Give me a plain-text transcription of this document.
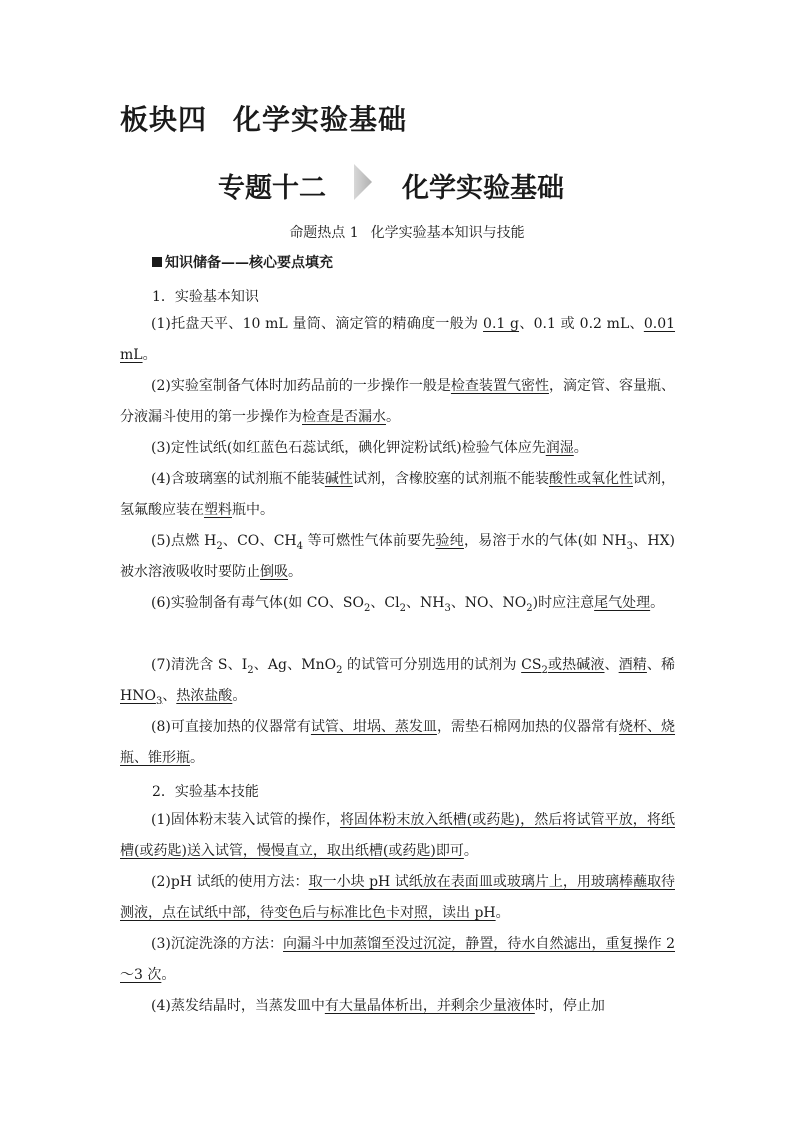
板块四 化学实验基础
专题十二	化学实验基础
命题热点 1 化学实验基本知识与技能
知识储备——核心要点填充
1．实验基本知识
(1)托盘天平、10 mL 量筒、滴定管的精确度一般为 0.1 g、0.1 或 0.2 mL、0.01 mL。
(2)实验室制备气体时加药品前的一步操作一般是检查装置气密性，滴定管、容量瓶、分液漏斗使用的第一步操作为检查是否漏水。
(3)定性试纸(如红蓝色石蕊试纸，碘化钾淀粉试纸)检验气体应先润湿。
(4)含玻璃塞的试剂瓶不能装碱性试剂，含橡胶塞的试剂瓶不能装酸性或氧化性试剂，氢氟酸应装在塑料瓶中。
(5)点燃 $H_2$、CO、$CH_4$ 等可燃性气体前要先验纯，易溶于水的气体(如 $NH_3$、HX)被水溶液吸收时要防止倒吸。
(6)实验制备有毒气体(如 CO、$SO_2$、$Cl_2$、$NH_3$、NO、$NO_2$)时应注意尾气处理。
(7)清洗含 S、$I_2$、Ag、MnO$_2$ 的试管可分别选用的试剂为 $CS_2$或热碱液、酒精、稀 $HNO_3$、热浓盐酸。
(8)可直接加热的仪器常有试管、坩埚、蒸发皿，需垫石棉网加热的仪器常有烧杯、烧瓶、锥形瓶。
2．实验基本技能
(1)固体粉末装入试管的操作，将固体粉末放入纸槽(或药匙)，然后将试管平放，将纸槽(或药匙)送入试管，慢慢直立，取出纸槽(或药匙)即可。
(2)pH 试纸的使用方法：取一小块 pH 试纸放在表面皿或玻璃片上，用玻璃棒蘸取待测液，点在试纸中部，待变色后与标准比色卡对照，读出 pH。
(3)沉淀洗涤的方法：向漏斗中加蒸馏至没过沉淀，静置，待水自然滤出，重复操作 2～3 次。
(4)蒸发结晶时，当蒸发皿中有大量晶体析出，并剩余少量液体时，停止加
